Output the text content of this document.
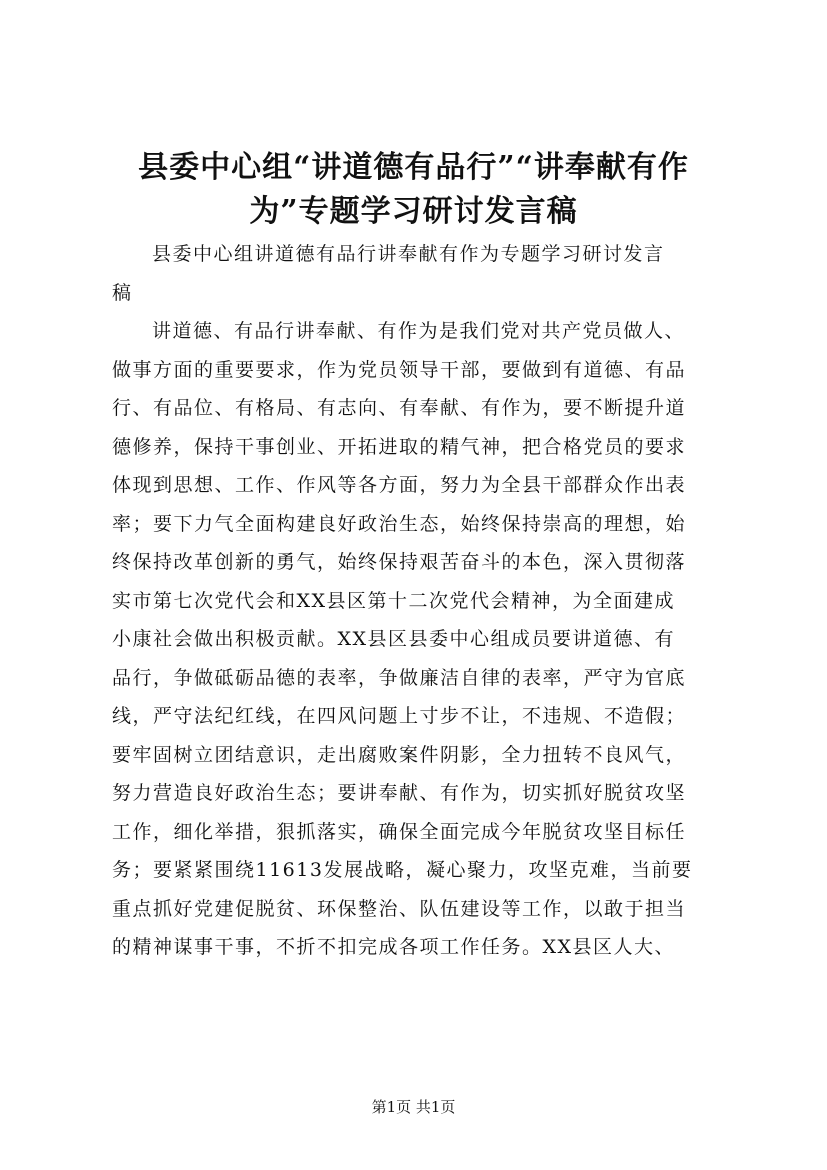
县委中心组“讲道德有品行”“讲奉献有作
为”专题学习研讨发言稿
县委中心组讲道德有品行讲奉献有作为专题学习研讨发言
稿
讲道德、有品行讲奉献、有作为是我们党对共产党员做人、
做事方面的重要要求，作为党员领导干部，要做到有道德、有品
行、有品位、有格局、有志向、有奉献、有作为，要不断提升道
德修养，保持干事创业、开拓进取的精气神，把合格党员的要求
体现到思想、工作、作风等各方面，努力为全县干部群众作出表
率；要下力气全面构建良好政治生态，始终保持崇高的理想，始
终保持改革创新的勇气，始终保持艰苦奋斗的本色，深入贯彻落
实市第七次党代会和XX县区第十二次党代会精神，为全面建成
小康社会做出积极贡献。XX县区县委中心组成员要讲道德、有
品行，争做砥砺品德的表率，争做廉洁自律的表率，严守为官底
线，严守法纪红线，在四风问题上寸步不让，不违规、不造假；
要牢固树立团结意识，走出腐败案件阴影，全力扭转不良风气，
努力营造良好政治生态；要讲奉献、有作为，切实抓好脱贫攻坚
工作，细化举措，狠抓落实，确保全面完成今年脱贫攻坚目标任
务；要紧紧围绕11613发展战略，凝心聚力，攻坚克难，当前要
重点抓好党建促脱贫、环保整治、队伍建设等工作，以敢于担当
的精神谋事干事，不折不扣完成各项工作任务。XX县区人大、
第1页 共1页
